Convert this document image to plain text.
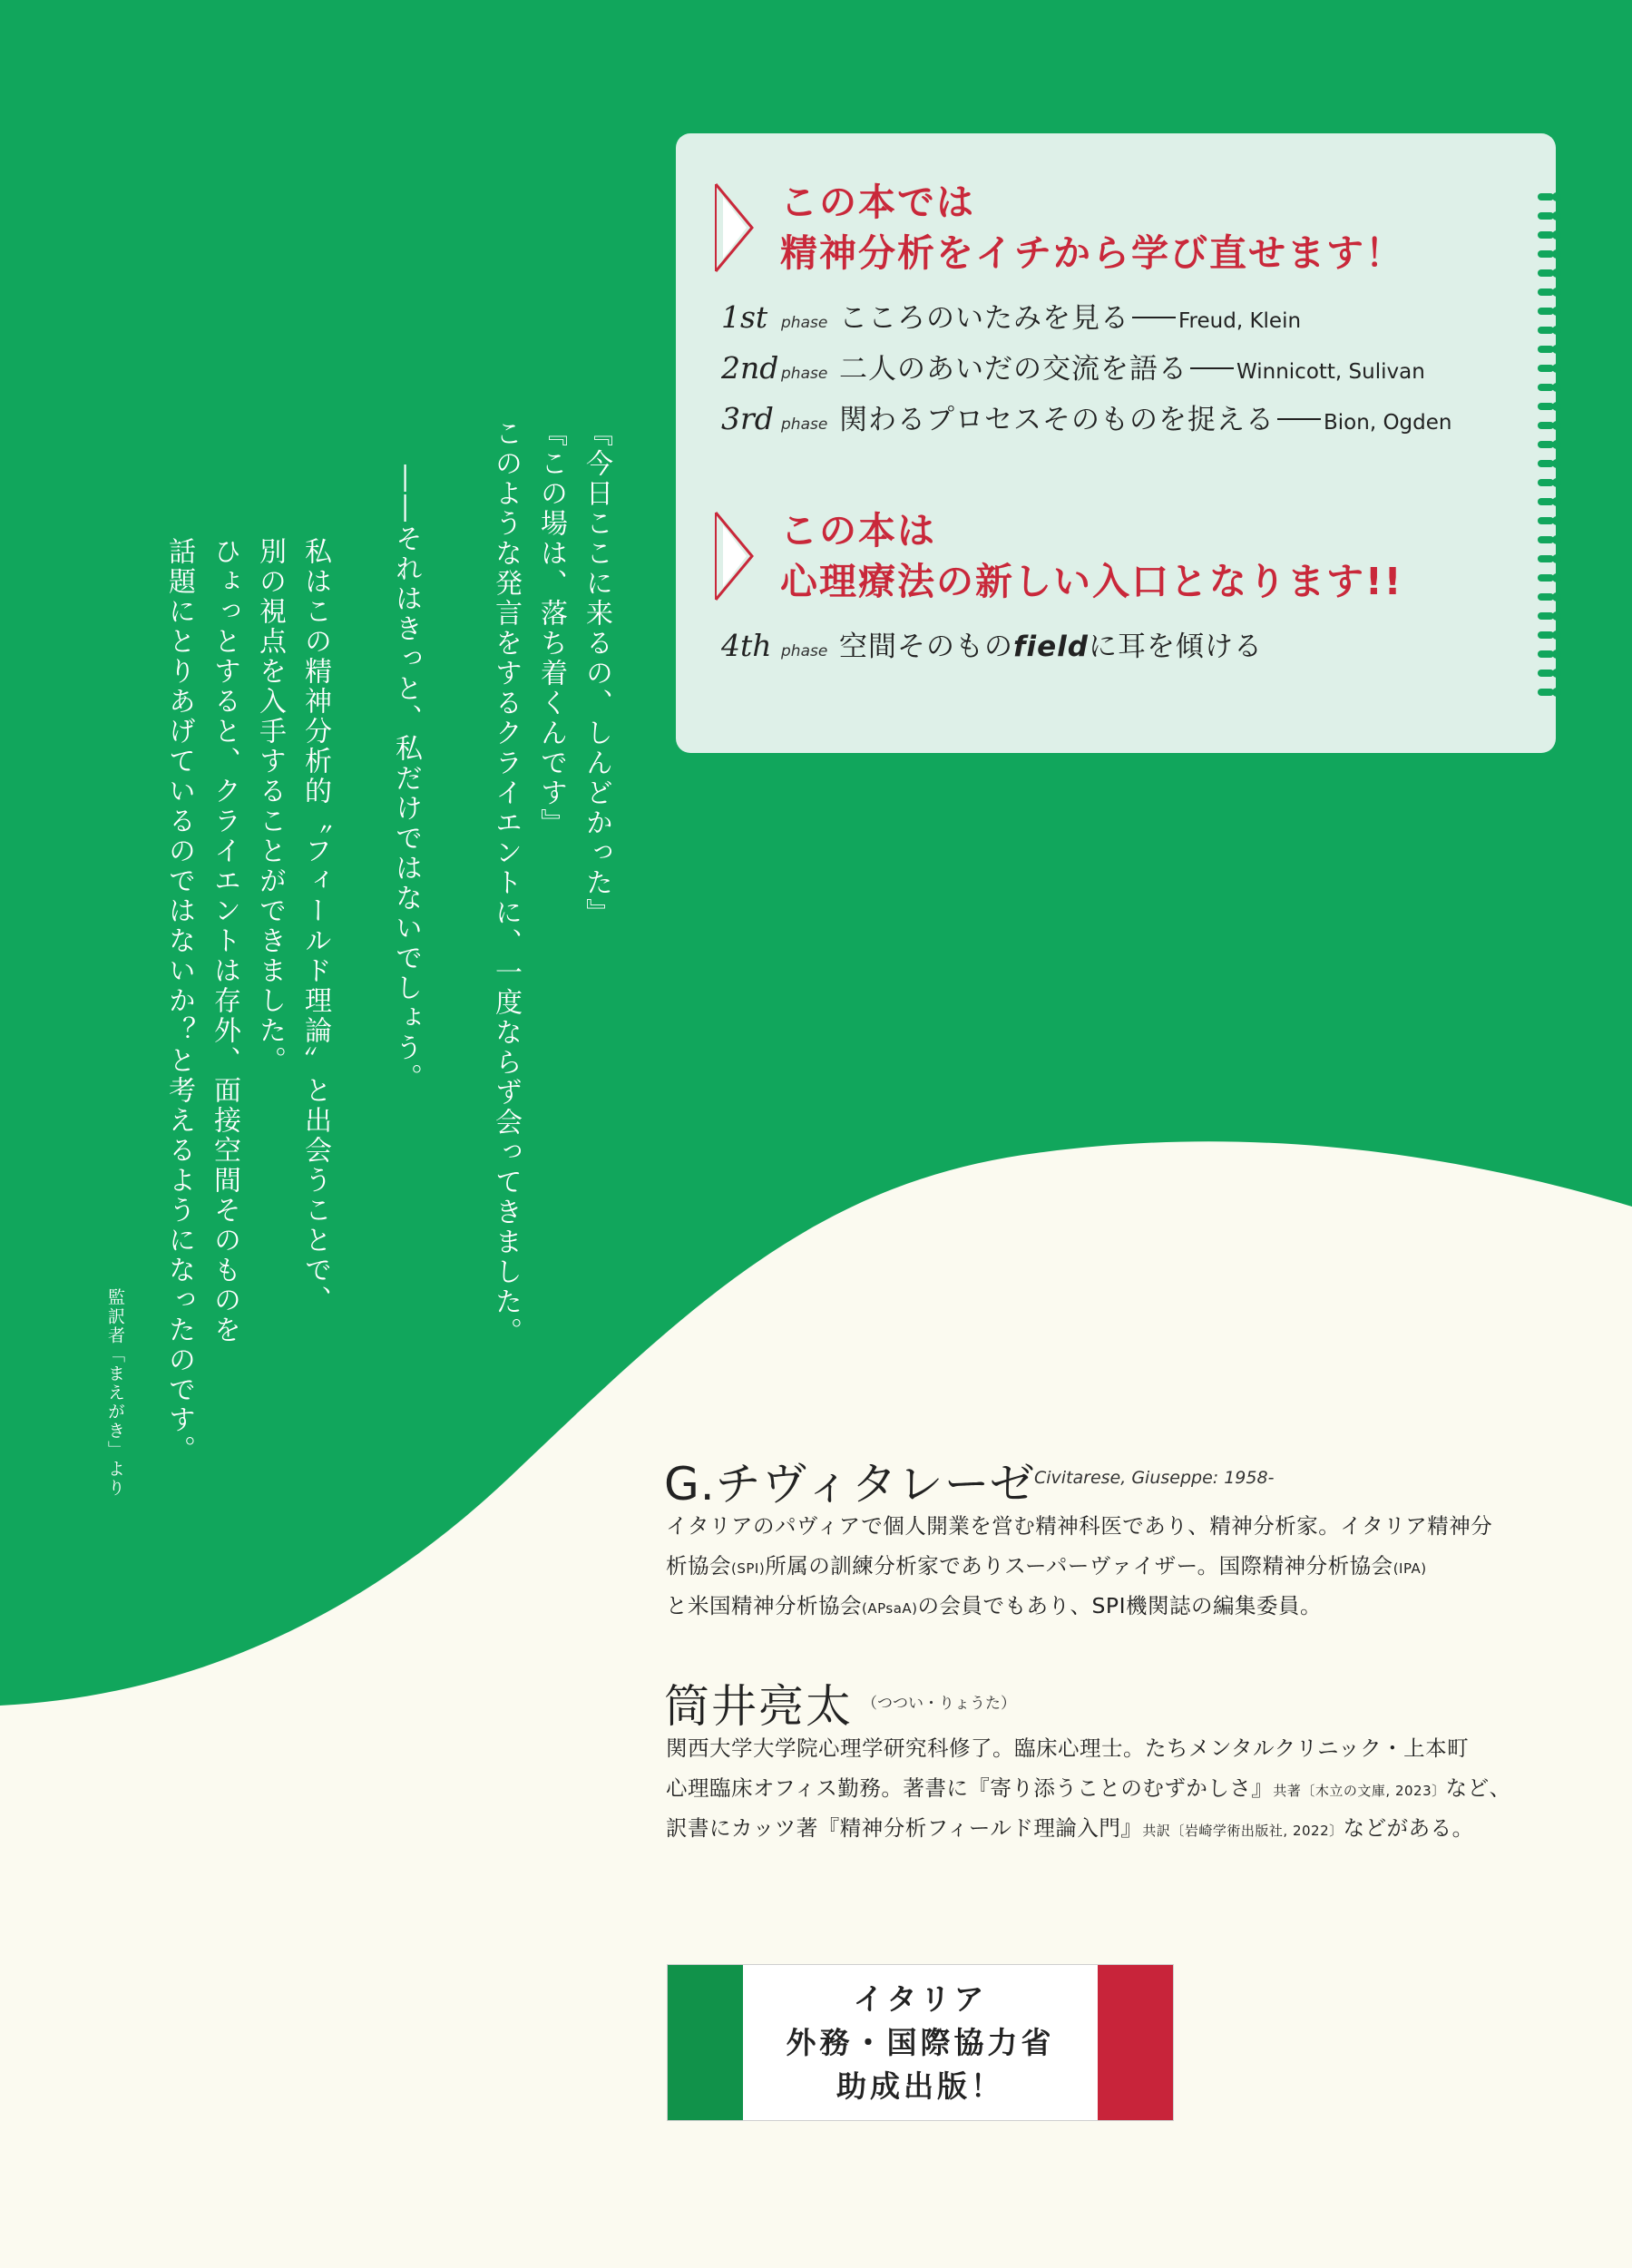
この本では
精神分析をイチから学び直せます！
1st phase こころのいたみを見る Freud, Klein
2nd phase 二人のあいだの交流を語る Winnicott, Sulivan
3rd phase 関わるプロセスそのものを捉える Bion, Ogden
この本は
心理療法の新しい入口となります!!
4th phase 空間そのものfieldに耳を傾ける
『今日ここに来るの、しんどかった』
『この場は、落ち着くんです』
このような発言をするクライエントに、一度ならず会ってきました。
――それはきっと、私だけではないでしょう。
私はこの精神分析的〝フィールド理論〟と出会うことで、
別の視点を入手することができました。
ひょっとすると、クライエントは存外、面接空間そのものを
話題にとりあげているのではないか？と考えるようになったのです。
監訳者「まえがき」より	G.チヴィタレーゼ
Civitarese, Giuseppe: 1958-
イタリアのパヴィアで個人開業を営む精神科医であり、精神分析家。イタリア精神分
析協会(SPI)所属の訓練分析家でありスーパーヴァイザー。国際精神分析協会(IPA)
と米国精神分析協会(APsaA)の会員でもあり、SPI機関誌の編集委員。
筒井亮太 （つつい・りょうた）
関西大学大学院心理学研究科修了。臨床心理士。たちメンタルクリニック・上本町
心理臨床オフィス勤務。著書に『寄り添うことのむずかしさ』共著〔木立の文庫, 2023〕など、
訳書にカッツ著『精神分析フィールド理論入門』共訳〔岩崎学術出版社, 2022〕などがある。
イタリア
外務・国際協力省
助成出版！
